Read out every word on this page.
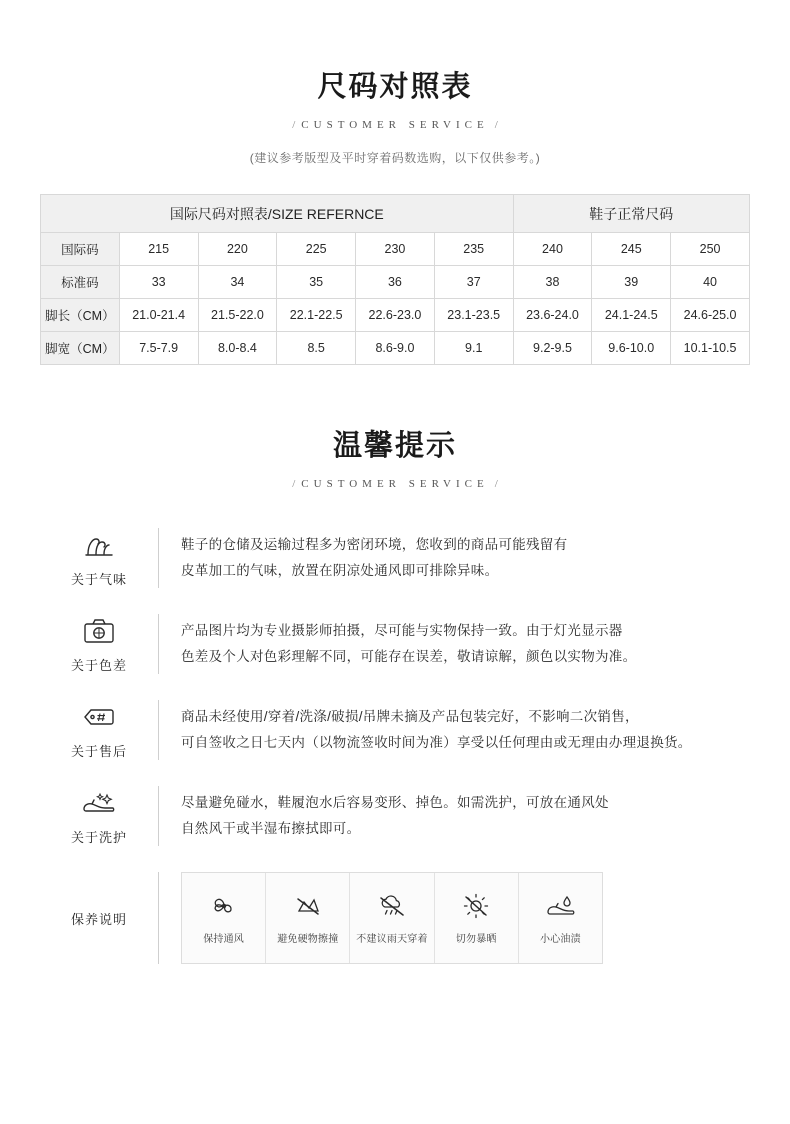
尺码对照表
/ CUSTOMER SERVICE /
(建议参考版型及平时穿着码数选购，以下仅供参考。)
国际尺码对照表/SIZE REFERNCE						鞋子正常尺码		
国际码	215	220	225	230	235	240	245	250
标准码	33	34	35	36	37	38	39	40
脚长（CM）	21.0-21.4	21.5-22.0	22.1-22.5	22.6-23.0	23.1-23.5	23.6-24.0	24.1-24.5	24.6-25.0
脚宽（CM）	7.5-7.9	8.0-8.4	8.5	8.6-9.0	9.1	9.2-9.5	9.6-10.0	10.1-10.5
温馨提示
/ CUSTOMER SERVICE /
关于气味
鞋子的仓储及运输过程多为密闭环境，您收到的商品可能残留有
皮革加工的气味，放置在阴凉处通风即可排除异味。
关于色差
产品图片均为专业摄影师拍摄，尽可能与实物保持一致。由于灯光显示器
色差及个人对色彩理解不同，可能存在误差，敬请谅解，颜色以实物为准。
关于售后
商品未经使用/穿着/洗涤/破损/吊牌未摘及产品包装完好，不影响二次销售，
可自签收之日七天内（以物流签收时间为准）享受以任何理由或无理由办理退换货。
关于洗护
尽量避免碰水，鞋履泡水后容易变形、掉色。如需洗护，可放在通风处
自然风干或半湿布擦拭即可。
保养说明
保持通风	避免硬物擦撞 不建议雨天穿着	切勿暴晒	小心油渍
